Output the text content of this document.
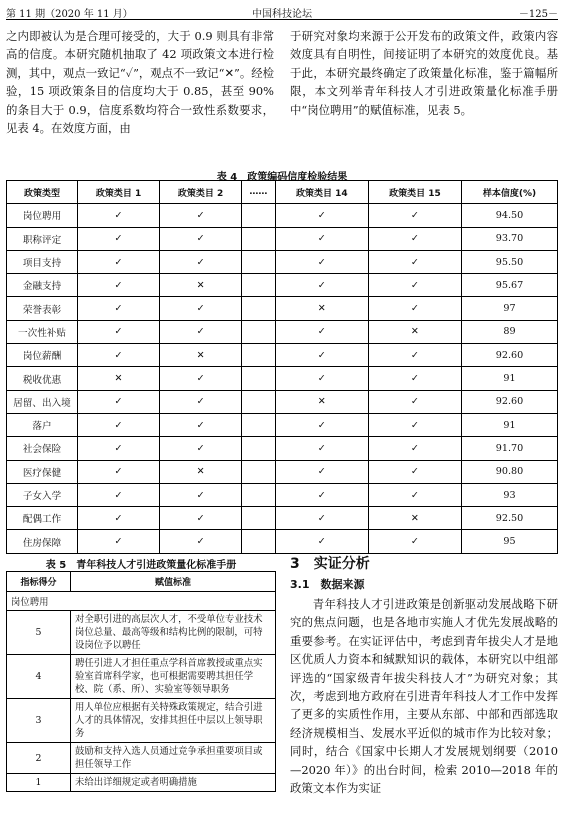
第 11 期（2020 年 11 月）	中国科技论坛	－125－

之内即被认为是合理可接受的，大于 0.9 则具有非常高的信度。本研究随机抽取了 42 项政策文本进行检测，其中，观点一致记“✓”，观点不一致记“✕”。经检验，15 项政策条目的信度均大于 0.85，甚至 90%的条目大于 0.9，信度系数均符合一致性系数要求，见表 4。在效度方面，由

于研究对象均来源于公开发布的政策文件，政策内容效度具有自明性，间接证明了本研究的效度优良。基于此，本研究最终确定了政策量化标准，鉴于篇幅所限，本文列举青年科技人才引进政策量化标准手册中“岗位聘用”的赋值标准，见表 5。

表 4　政策编码信度检验结果
政策类型	政策类目 1	政策类目 2	……	政策类目 14	政策类目 15	样本信度(%)
岗位聘用	✓	✓		✓	✓	94.50
职称评定	✓	✓		✓	✓	93.70
项目支持	✓	✓		✓	✓	95.50
金融支持	✓	✕		✓	✓	95.67
荣誉表彰	✓	✓		✕	✓	97
一次性补贴	✓	✓		✓	✕	89
岗位薪酬	✓	✕		✓	✓	92.60
税收优惠	✕	✓		✓	✓	91
居留、出入境	✓	✓		✕	✓	92.60
落户	✓	✓		✓	✓	91
社会保险	✓	✓		✓	✓	91.70
医疗保健	✓	✕		✓	✓	90.80
子女入学	✓	✓		✓	✓	93
配偶工作	✓	✓		✓	✕	92.50
住房保障	✓	✓		✓	✓	95
表 5　青年科技人才引进政策量化标准手册
指标得分	赋值标准
岗位聘用	
5	对全职引进的高层次人才，不受单位专业技术岗位总量、最高等级和结构比例的限制，可特设岗位予以聘任
4	聘任引进人才担任重点学科首席教授或重点实验室首席科学家，也可根据需要聘其担任学校、院（系、所）、实验室等领导职务
3	用人单位应根据有关特殊政策规定，结合引进人才的具体情况，安排其担任中层以上领导职务
2	鼓励和支持入选人员通过竞争承担重要项目或担任领导工作
1	未给出详细规定或者明确措施
3　实证分析
3.1　数据来源

青年科技人才引进政策是创新驱动发展战略下研究的焦点问题，也是各地市实施人才优先发展战略的重要参考。在实证评估中，考虑到青年拔尖人才是地区优质人力资本和缄默知识的载体，本研究以中组部评选的“国家级青年拔尖科技人才”为研究对象；其次，考虑到地方政府在引进青年科技人才工作中发挥了更多的实质性作用，主要从东部、中部和西部选取经济规模相当、发展水平近似的城市作为比较对象；同时，结合《国家中长期人才发展规划纲要（2010—2020 年）》的出台时间，检索 2010—2018 年的政策文本作为实证
